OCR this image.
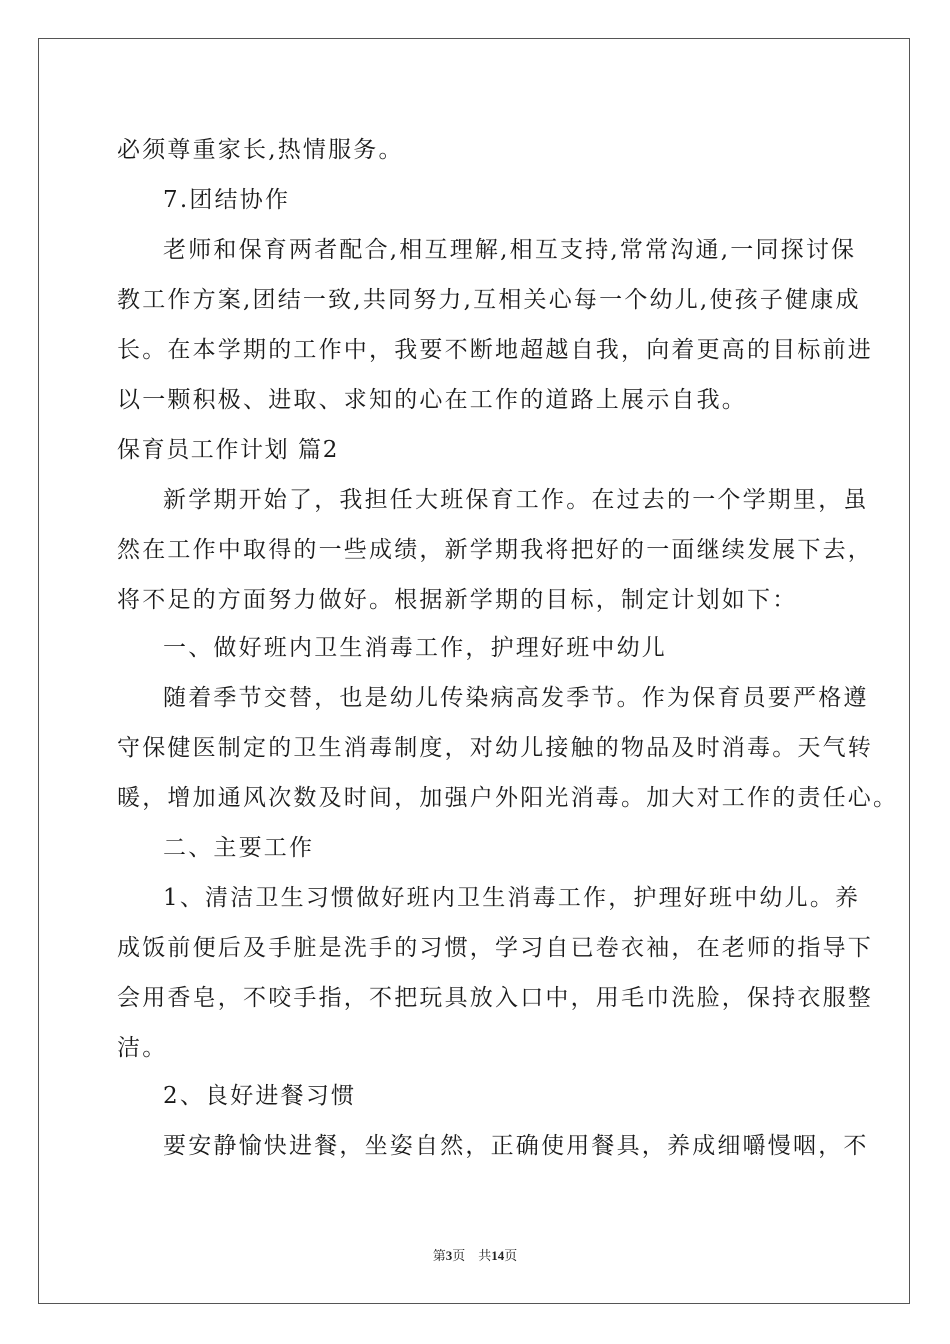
必须尊重家长,热情服务。
7.团结协作
老师和保育两者配合,相互理解,相互支持,常常沟通,一同探讨保
教工作方案,团结一致,共同努力,互相关心每一个幼儿,使孩子健康成
长。在本学期的工作中，我要不断地超越自我，向着更高的目标前进
以一颗积极、进取、求知的心在工作的道路上展示自我。
保育员工作计划 篇2
新学期开始了，我担任大班保育工作。在过去的一个学期里，虽
然在工作中取得的一些成绩，新学期我将把好的一面继续发展下去，
将不足的方面努力做好。根据新学期的目标，制定计划如下：
一、做好班内卫生消毒工作，护理好班中幼儿
随着季节交替，也是幼儿传染病高发季节。作为保育员要严格遵
守保健医制定的卫生消毒制度，对幼儿接触的物品及时消毒。天气转
暖，增加通风次数及时间，加强户外阳光消毒。加大对工作的责任心。
二、主要工作
1、清洁卫生习惯做好班内卫生消毒工作，护理好班中幼儿。养
成饭前便后及手脏是洗手的习惯，学习自已卷衣袖，在老师的指导下
会用香皂，不咬手指，不把玩具放入口中，用毛巾洗脸，保持衣服整
洁。
2、良好进餐习惯
要安静愉快进餐，坐姿自然，正确使用餐具，养成细嚼慢咽，不
第3页　共14页
